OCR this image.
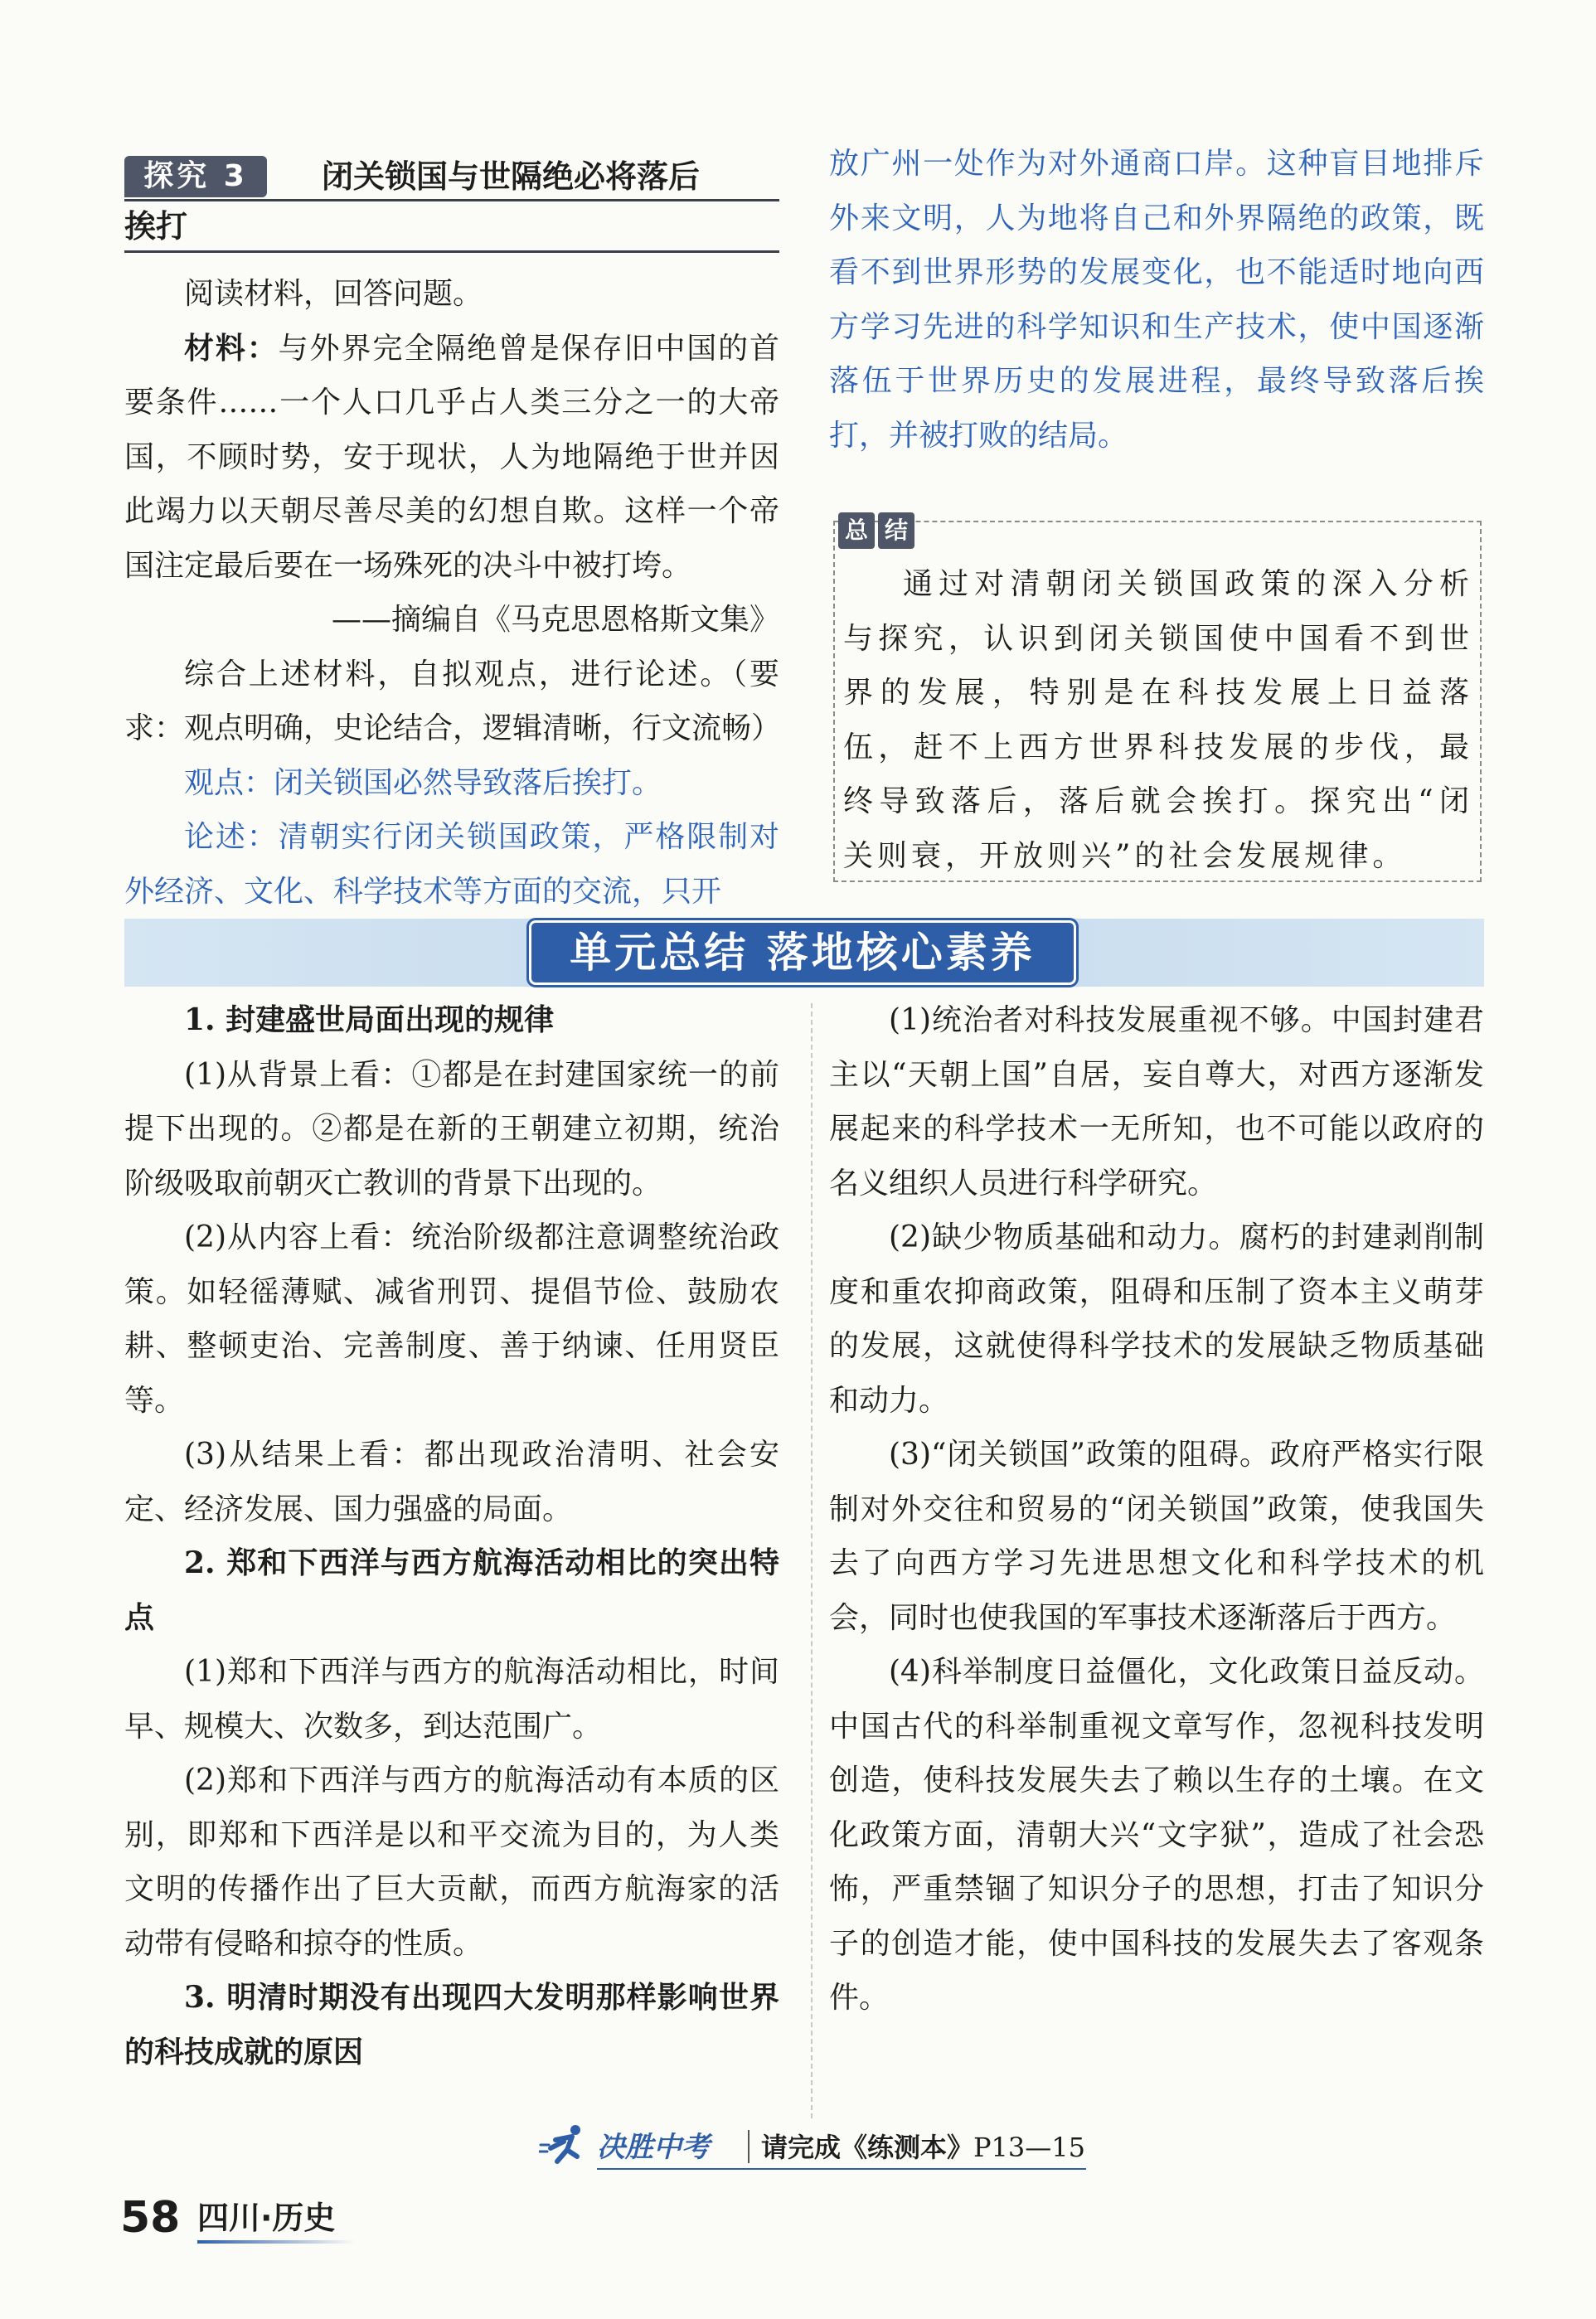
探究 3	闭关锁国与世隔绝必将落后
挨打

阅读材料，回答问题。

材料：与外界完全隔绝曾是保存旧中国的首要条件……一个人口几乎占人类三分之一的大帝国，不顾时势，安于现状，人为地隔绝于世并因此竭力以天朝尽善尽美的幻想自欺。这样一个帝国注定最后要在一场殊死的决斗中被打垮。

——摘编自《马克思恩格斯文集》

综合上述材料，自拟观点，进行论述。（要求：观点明确，史论结合，逻辑清晰，行文流畅）

观点：闭关锁国必然导致落后挨打。

论述：清朝实行闭关锁国政策，严格限制对外经济、文化、科学技术等方面的交流，只开

放广州一处作为对外通商口岸。这种盲目地排斥外来文明，人为地将自己和外界隔绝的政策，既看不到世界形势的发展变化，也不能适时地向西方学习先进的科学知识和生产技术，使中国逐渐落伍于世界历史的发展进程，最终导致落后挨打，并被打败的结局。

总 结

通过对清朝闭关锁国政策的深入分析与探究，认识到闭关锁国使中国看不到世界的发展，特别是在科技发展上日益落伍，赶不上西方世界科技发展的步伐，最终导致落后，落后就会挨打。探究出“闭关则衰，开放则兴”的社会发展规律。

单元总结 落地核心素养

1. 封建盛世局面出现的规律

(1)从背景上看：①都是在封建国家统一的前提下出现的。②都是在新的王朝建立初期，统治阶级吸取前朝灭亡教训的背景下出现的。

(2)从内容上看：统治阶级都注意调整统治政策。如轻徭薄赋、减省刑罚、提倡节俭、鼓励农耕、整顿吏治、完善制度、善于纳谏、任用贤臣等。

(3)从结果上看：都出现政治清明、社会安定、经济发展、国力强盛的局面。

2. 郑和下西洋与西方航海活动相比的突出特点

(1)郑和下西洋与西方的航海活动相比，时间早、规模大、次数多，到达范围广。

(2)郑和下西洋与西方的航海活动有本质的区别，即郑和下西洋是以和平交流为目的，为人类文明的传播作出了巨大贡献，而西方航海家的活动带有侵略和掠夺的性质。

3. 明清时期没有出现四大发明那样影响世界的科技成就的原因

(1)统治者对科技发展重视不够。中国封建君主以“天朝上国”自居，妄自尊大，对西方逐渐发展起来的科学技术一无所知，也不可能以政府的名义组织人员进行科学研究。

(2)缺少物质基础和动力。腐朽的封建剥削制度和重农抑商政策，阻碍和压制了资本主义萌芽的发展，这就使得科学技术的发展缺乏物质基础和动力。

(3)“闭关锁国”政策的阻碍。政府严格实行限制对外交往和贸易的“闭关锁国”政策，使我国失去了向西方学习先进思想文化和科学技术的机会，同时也使我国的军事技术逐渐落后于西方。

(4)科举制度日益僵化，文化政策日益反动。中国古代的科举制重视文章写作，忽视科技发明创造，使科技发展失去了赖以生存的土壤。在文化政策方面，清朝大兴“文字狱”，造成了社会恐怖，严重禁锢了知识分子的思想，打击了知识分子的创造才能，使中国科技的发展失去了客观条件。

决胜中考 请完成《练测本》P13—15
58 四川·历史
